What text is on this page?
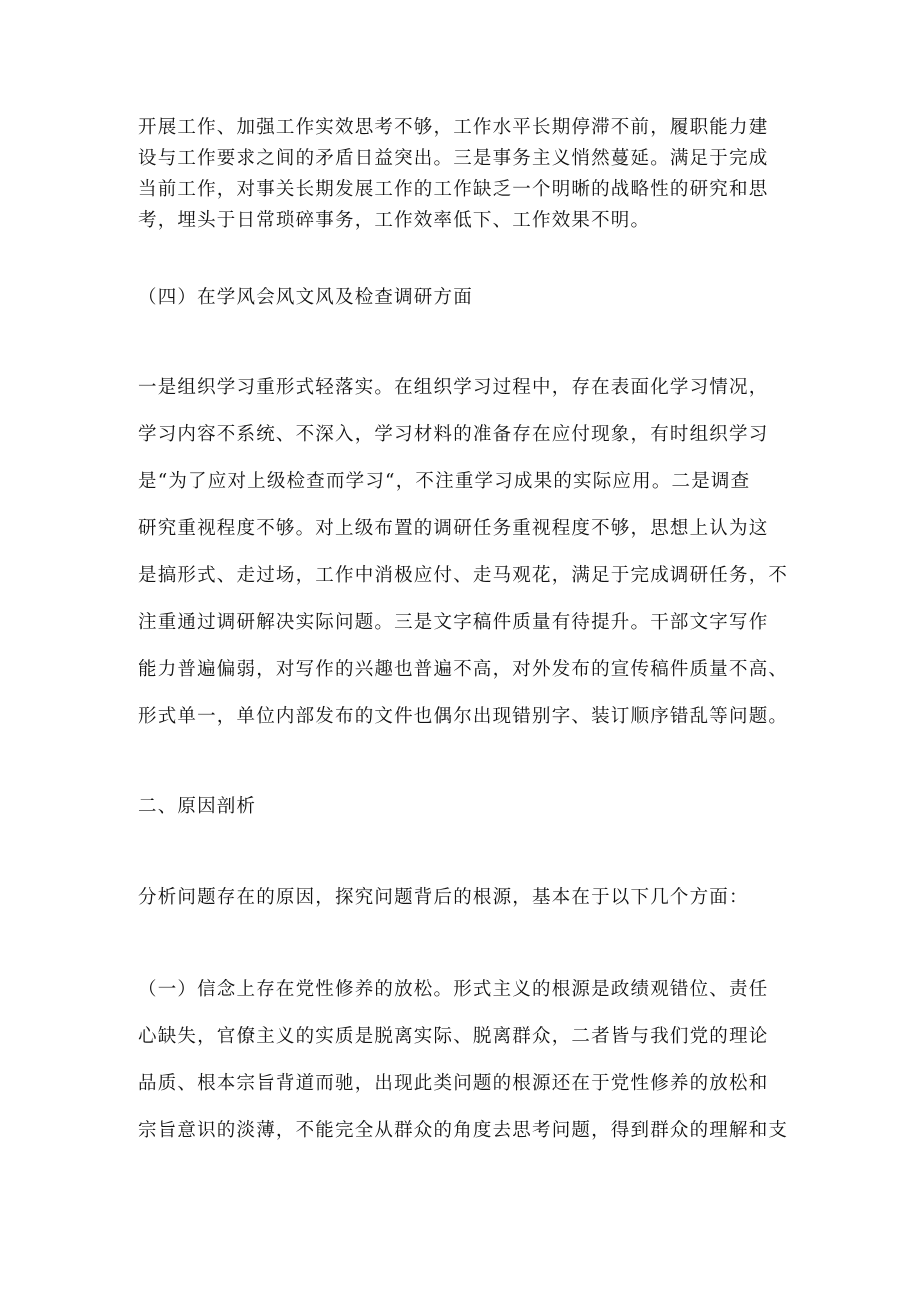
开展工作、加强工作实效思考不够，工作水平长期停滞不前，履职能力建
设与工作要求之间的矛盾日益突出。三是事务主义悄然蔓延。满足于完成
当前工作，对事关长期发展工作的工作缺乏一个明晰的战略性的研究和思
考，埋头于日常琐碎事务，工作效率低下、工作效果不明。
（四）在学风会风文风及检查调研方面
一是组织学习重形式轻落实。在组织学习过程中，存在表面化学习情况，
学习内容不系统、不深入，学习材料的准备存在应付现象，有时组织学习
是“为了应对上级检查而学习“，不注重学习成果的实际应用。二是调查
研究重视程度不够。对上级布置的调研任务重视程度不够，思想上认为这
是搞形式、走过场，工作中消极应付、走马观花，满足于完成调研任务，不
注重通过调研解决实际问题。三是文字稿件质量有待提升。干部文字写作
能力普遍偏弱，对写作的兴趣也普遍不高，对外发布的宣传稿件质量不高、
形式单一，单位内部发布的文件也偶尔出现错别字、装订顺序错乱等问题。
二、原因剖析
分析问题存在的原因，探究问题背后的根源，基本在于以下几个方面：
（一）信念上存在党性修养的放松。形式主义的根源是政绩观错位、责任
心缺失，官僚主义的实质是脱离实际、脱离群众，二者皆与我们党的理论
品质、根本宗旨背道而驰，出现此类问题的根源还在于党性修养的放松和
宗旨意识的淡薄，不能完全从群众的角度去思考问题，得到群众的理解和支
